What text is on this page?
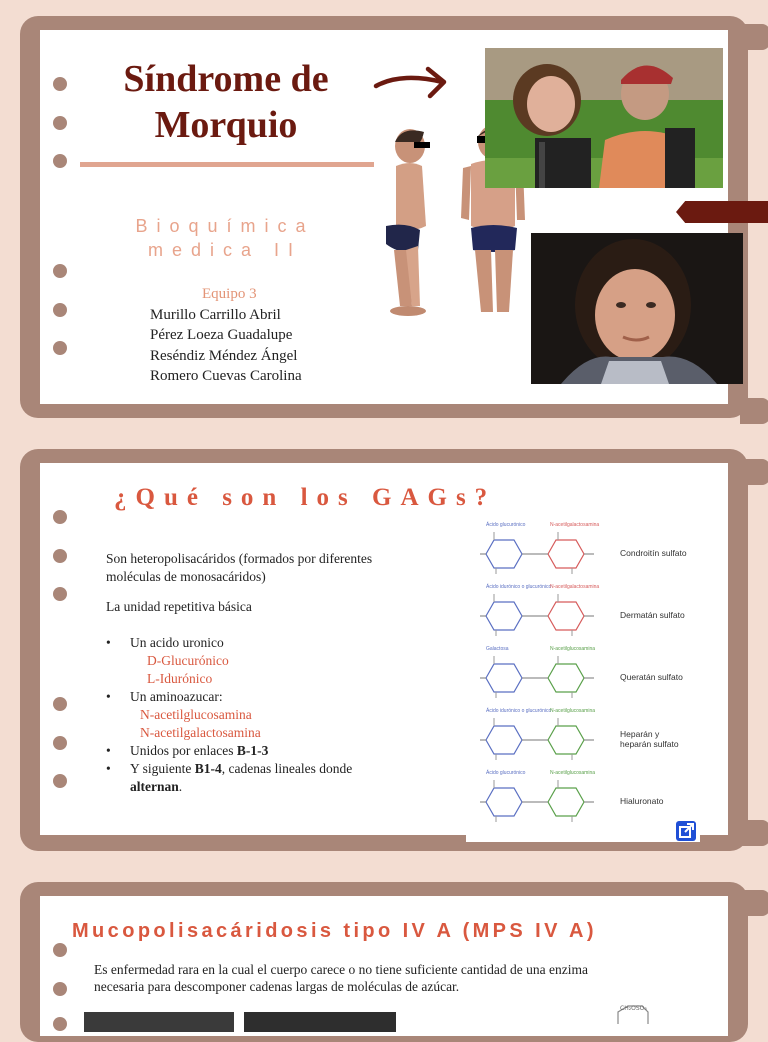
Síndrome de
Morquio
Bioquímica
medica II
Equipo 3
Murillo Carrillo Abril
Pérez Loeza Guadalupe
Reséndiz Méndez Ángel
Romero Cuevas Carolina
¿Qué son los GAGs?

Son heteropolisacáridos (formados por diferentes moléculas de monosacáridos)

La unidad repetitiva básica

• Un acido uronico
D-Glucurónico
L-Idurónico
• Un aminoazucar:
N-acetilglucosamina
N-acetilgalactosamina
• Unidos por enlaces B-1-3
• Y siguiente B1-4, cadenas lineales donde
alternan.
Ácido glucurónico	N-acetilgalactosamina
Condroitín sulfato
Ácido idurónico o glucurónico
N-acetilgalactosamina
Dermatán sulfato
Galactosa	N-acetilglucosamina
Queratán sulfato
Ácido idurónico o glucurónico
N-acetilglucosamina
Heparán y
heparán sulfato
Ácido glucurónico	N-acetilglucosamina
Hialuronato
Mucopolisacáridosis tipo IV A (MPS IV A)
Es enfermedad rara en la cual el cuerpo carece o no tiene suficiente cantidad de una enzima necesaria para descomponer cadenas largas de moléculas de azúcar.
CH₂OSO₃
